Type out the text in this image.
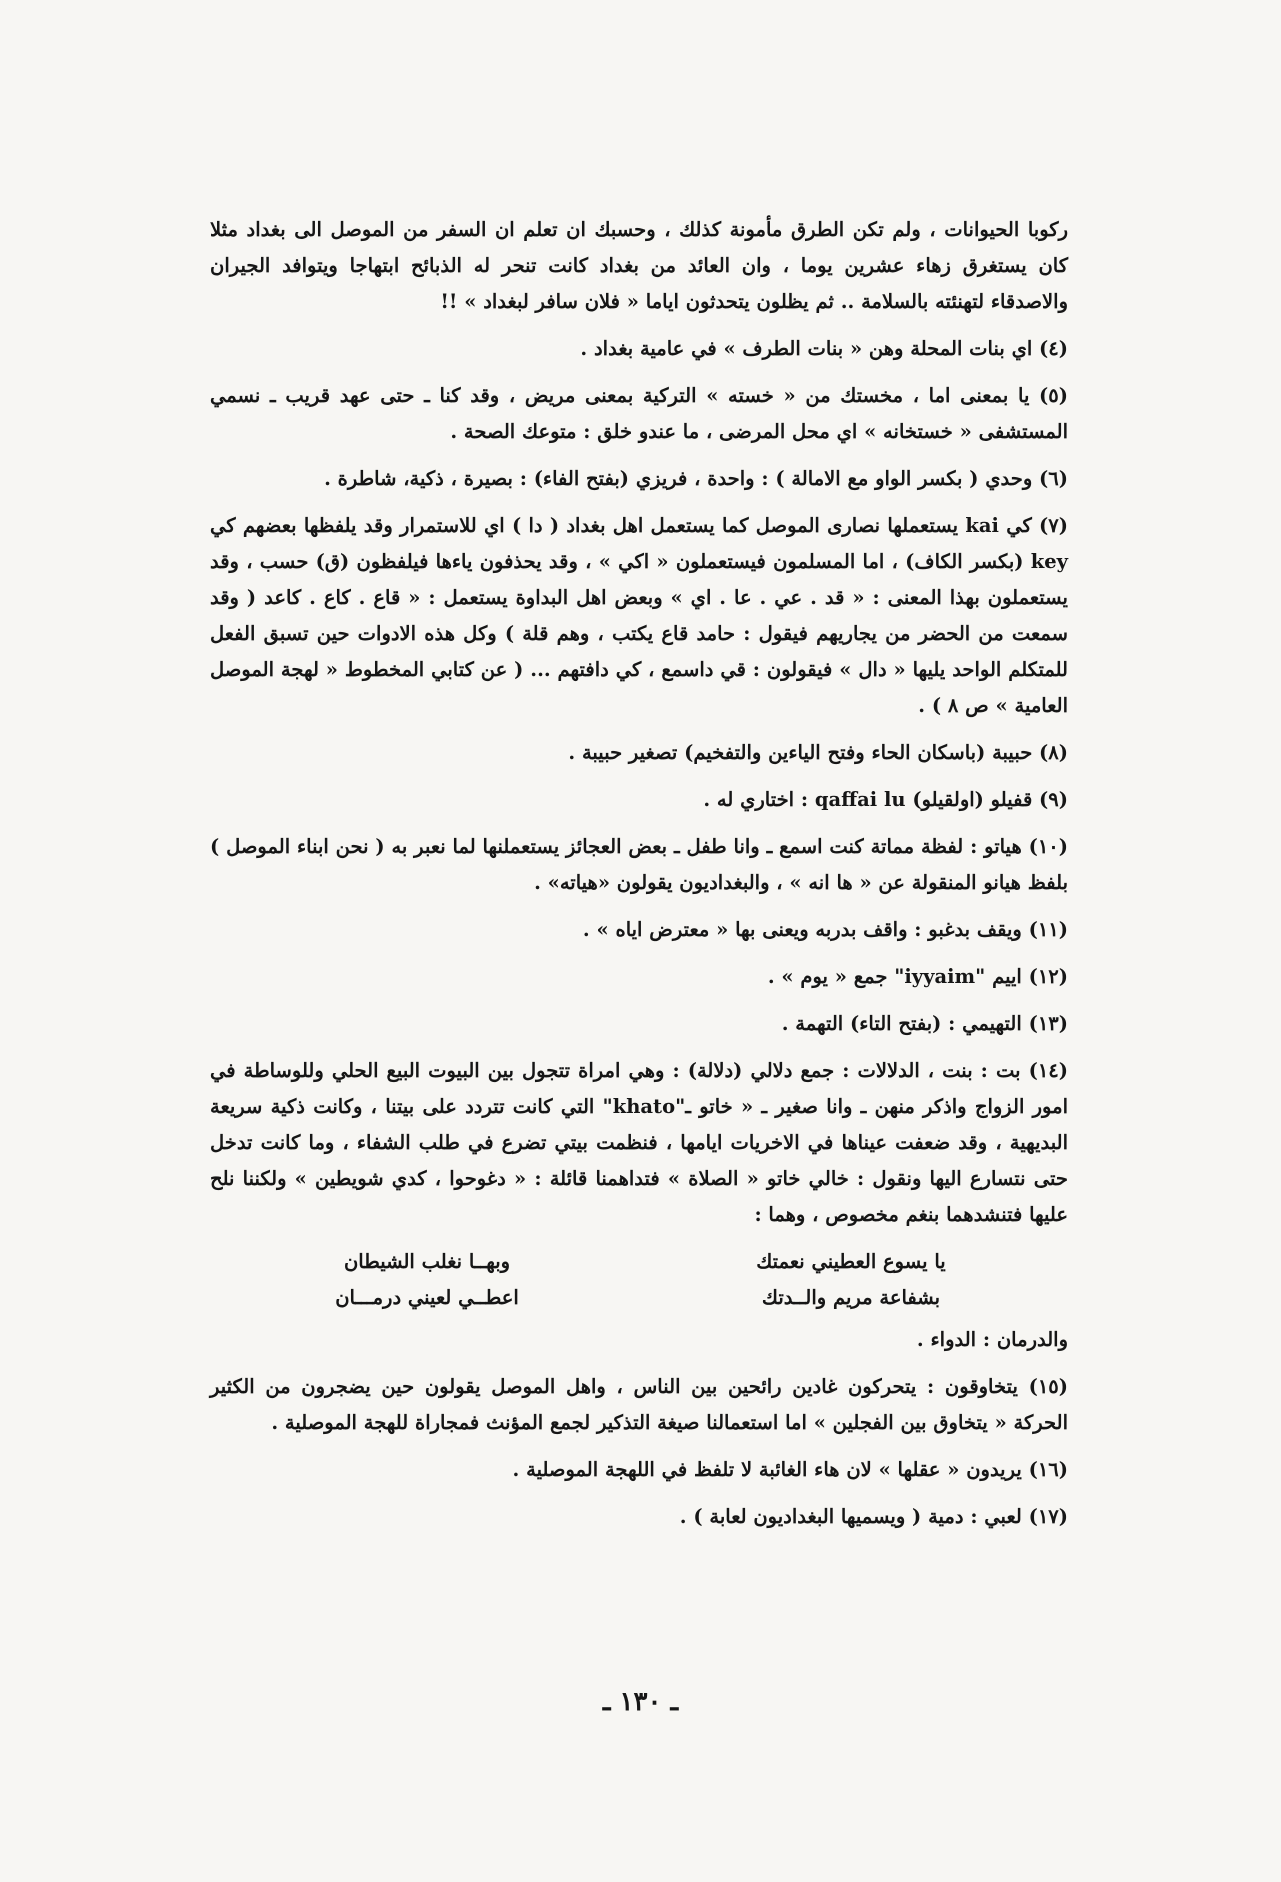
ركوبا الحيوانات ، ولم تكن الطرق مأمونة كذلك ، وحسبك ان تعلم ان السفر من الموصل الى بغداد مثلا كان يستغرق زهاء عشرين يوما ، وان العائد من بغداد كانت تنحر له الذبائح ابتهاجا ويتوافد الجيران والاصدقاء لتهنئته بالسلامة .. ثم يظلون يتحدثون اياما « فلان سافر لبغداد » !!

(٤) اي بنات المحلة وهن « بنات الطرف » في عامية بغداد .

(٥) يا بمعنى اما ، مخستك من « خسته » التركية بمعنى مريض ، وقد كنا ـ حتى عهد قريب ـ نسمي المستشفى « خستخانه » اي محل المرضى ، ما عندو خلق : متوعك الصحة .

(٦) وحدي ( بكسر الواو مع الامالة ) : واحدة ، فريزي (بفتح الفاء) : بصيرة ، ذكية، شاطرة .

(٧) كي kai يستعملها نصارى الموصل كما يستعمل اهل بغداد ( دا ) اي للاستمرار وقد يلفظها بعضهم كي key (بكسر الكاف) ، اما المسلمون فيستعملون « اكي » ، وقد يحذفون ياءها فيلفظون (ق) حسب ، وقد يستعملون بهذا المعنى : « قد . عي . عا . اي » وبعض اهل البداوة يستعمل : « قاع . كاع . كاعد ( وقد سمعت من الحضر من يجاريهم فيقول : حامد قاع يكتب ، وهم قلة ) وكل هذه الادوات حين تسبق الفعل للمتكلم الواحد يليها « دال » فيقولون : قي داسمع ، كي دافتهم ... ( عن كتابي المخطوط « لهجة الموصل العامية » ص ٨ ) .

(٨) حبيبة (باسكان الحاء وفتح الياءين والتفخيم) تصغير حبيبة .

(٩) قفيلو (اولقيلو) qaffai lu : اختاري له .

(١٠) هياتو : لفظة مماتة كنت اسمع ـ وانا طفل ـ بعض العجائز يستعملنها لما نعبر به ( نحن ابناء الموصل ) بلفظ هيانو المنقولة عن « ها انه » ، والبغداديون يقولون «هياته» .

(١١) ويقف بدغبو : واقف بدربه ويعنى بها « معترض اياه » .

(١٢) اييم "iyyaim" جمع « يوم » .

(١٣) التهيمي : (بفتح التاء) التهمة .

(١٤) بت : بنت ، الدلالات : جمع دلالي (دلالة) : وهي امراة تتجول بين البيوت البيع الحلي وللوساطة في امور الزواج واذكر منهن ـ وانا صغير ـ « خاتو ـ"khato" التي كانت تتردد على بيتنا ، وكانت ذكية سريعة البديهية ، وقد ضعفت عيناها في الاخريات ايامها ، فنظمت بيتي تضرع في طلب الشفاء ، وما كانت تدخل حتى نتسارع اليها ونقول : خالي خاتو « الصلاة » فتداهمنا قائلة : « دغوحوا ، كدي شويطين » ولكننا نلح عليها فتنشدهما بنغم مخصوص ، وهما :

يا يسوع العطيني نعمتك
وبهــا نغلب الشيطان
بشفاعة مريم والــدتك
اعطــي لعيني درمـــان

والدرمان : الدواء .

(١٥) يتخاوقون : يتحركون غادين رائحين بين الناس ، واهل الموصل يقولون حين يضجرون من الكثير الحركة « يتخاوق بين الفجلين » اما استعمالنا صيغة التذكير لجمع المؤنث فمجاراة للهجة الموصلية .

(١٦) يريدون « عقلها » لان هاء الغائبة لا تلفظ في اللهجة الموصلية .

(١٧) لعبي : دمية ( ويسميها البغداديون لعابة ) .

ـ ١٣٠ ـ
